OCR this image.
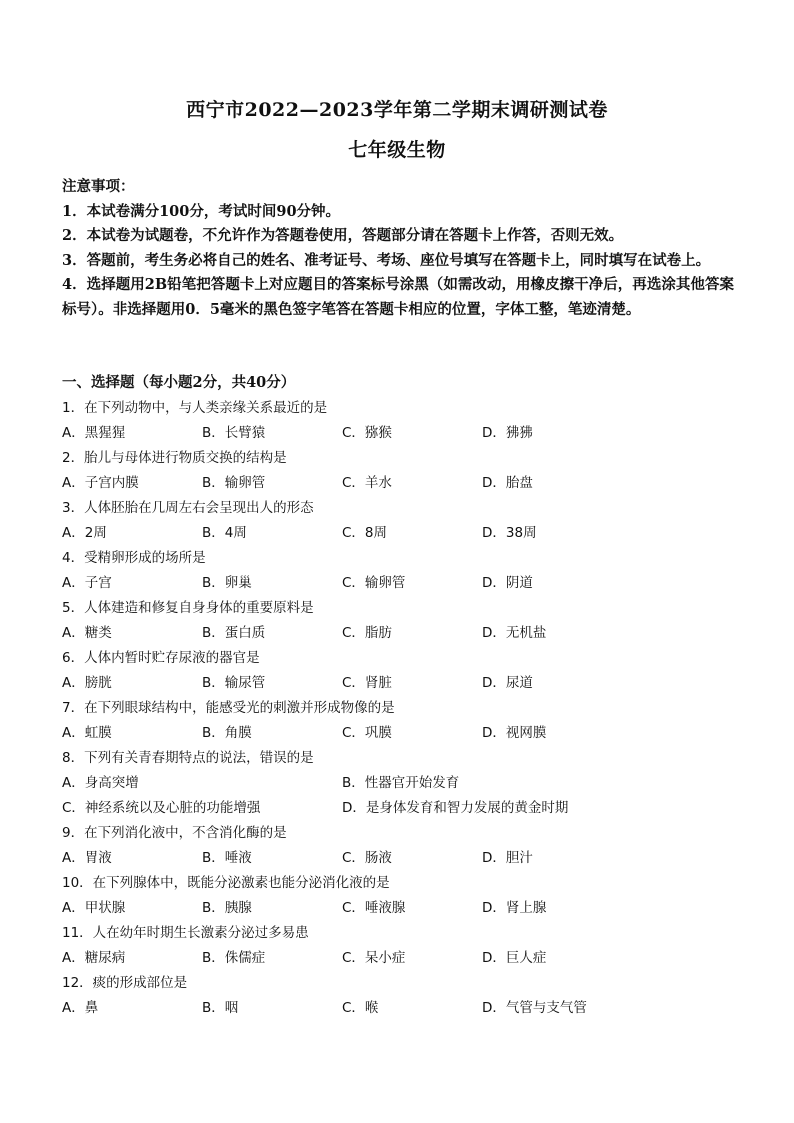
西宁市2022—2023学年第二学期末调研测试卷
七年级生物

注意事项：

1．本试卷满分100分，考试时间90分钟。

2．本试卷为试题卷，不允许作为答题卷使用，答题部分请在答题卡上作答，否则无效。

3．答题前，考生务必将自己的姓名、准考证号、考场、座位号填写在答题卡上，同时填写在试卷上。

4．选择题用2B铅笔把答题卡上对应题目的答案标号涂黑（如需改动，用橡皮擦干净后，再选涂其他答案标号）。非选择题用0．5毫米的黑色签字笔答在答题卡相应的位置，字体工整，笔迹清楚。

一、选择题（每小题2分，共40分）
1．在下列动物中，与人类亲缘关系最近的是
A．黑猩猩	B．长臂猿	C．猕猴	D．狒狒
2．胎儿与母体进行物质交换的结构是
A．子宫内膜	B．输卵管	C．羊水	D．胎盘
3．人体胚胎在几周左右会呈现出人的形态
A．2周	B．4周	C．8周	D．38周
4．受精卵形成的场所是
A．子宫	B．卵巢	C．输卵管	D．阴道
5．人体建造和修复自身身体的重要原料是
A．糖类	B．蛋白质	C．脂肪	D．无机盐
6．人体内暂时贮存尿液的器官是
A．膀胱	B．输尿管	C．肾脏	D．尿道
7．在下列眼球结构中，能感受光的刺激并形成物像的是
A．虹膜	B．角膜	C．巩膜	D．视网膜
8．下列有关青春期特点的说法，错误的是
A．身高突增	B．性器官开始发育
C．神经系统以及心脏的功能增强	D．是身体发育和智力发展的黄金时期
9．在下列消化液中，不含消化酶的是
A．胃液	B．唾液	C．肠液	D．胆汁
10．在下列腺体中，既能分泌激素也能分泌消化液的是
A．甲状腺	B．胰腺	C．唾液腺	D．肾上腺
11．人在幼年时期生长激素分泌过多易患
A．糖尿病	B．侏儒症	C．呆小症	D．巨人症
12．痰的形成部位是
A．鼻	B．咽	C．喉	D．气管与支气管
